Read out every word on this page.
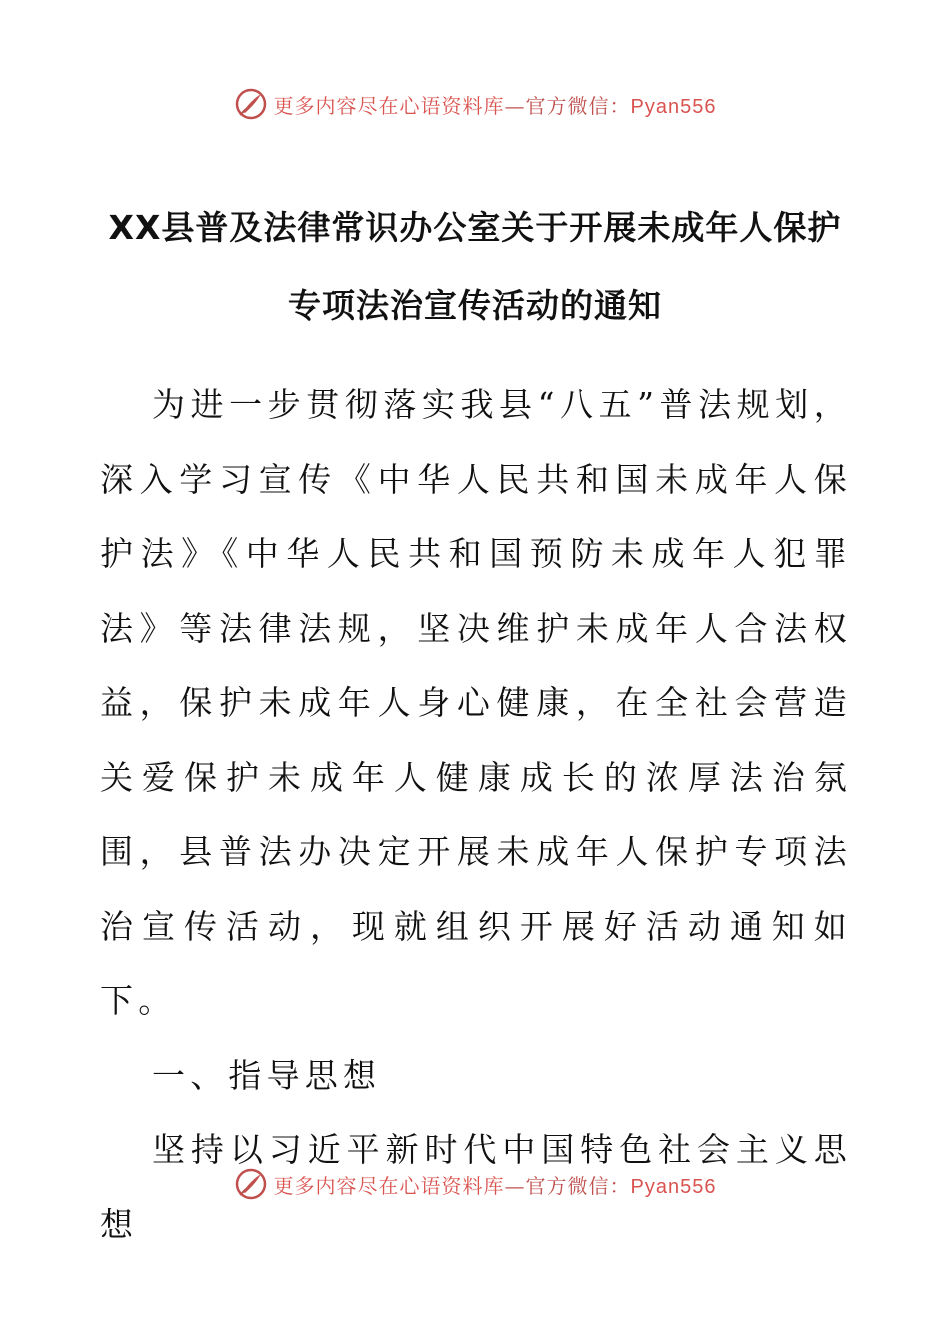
更多内容尽在心语资料库—官方微信：Pyan556
XX县普及法律常识办公室关于开展未成年人保护
专项法治宣传活动的通知

为进一步贯彻落实我县“八五”普法规划，深入学习宣传《中华人民共和国未成年人保护法》《中华人民共和国预防未成年人犯罪法》等法律法规，坚决维护未成年人合法权益，保护未成年人身心健康，在全社会营造关爱保护未成年人健康成长的浓厚法治氛围，县普法办决定开展未成年人保护专项法治宣传活动，现就组织开展好活动通知如下。

一、指导思想

坚持以习近平新时代中国特色社会主义思想

更多内容尽在心语资料库—官方微信：Pyan556
